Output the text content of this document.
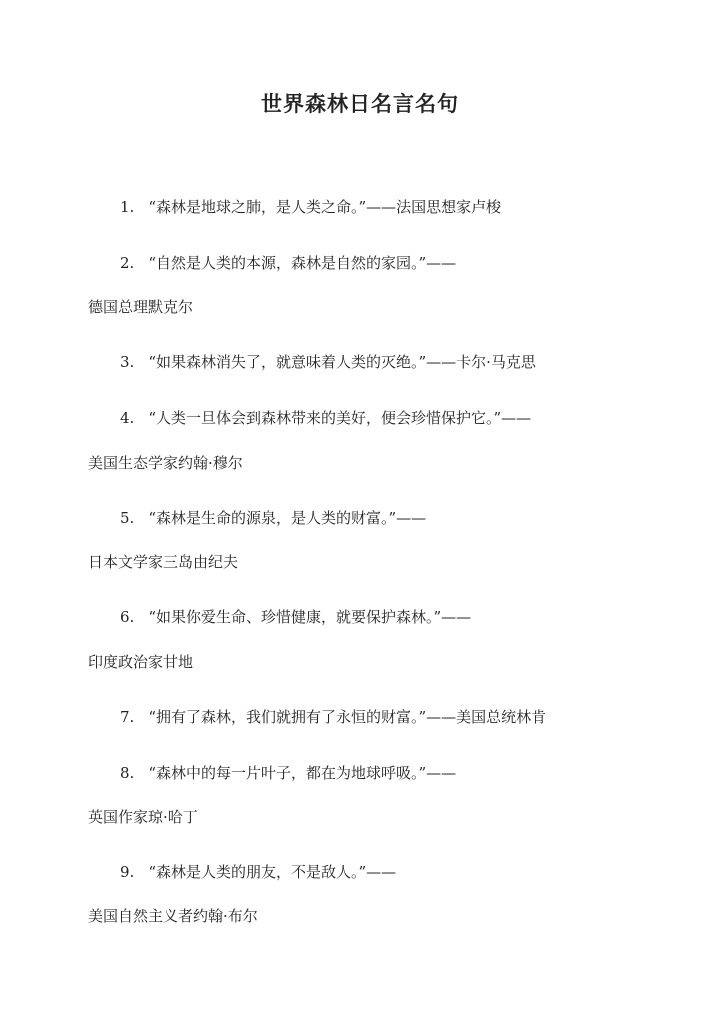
世界森林日名言名句
1. “森林是地球之肺，是人类之命。”——法国思想家卢梭
2. “自然是人类的本源，森林是自然的家园。”——
德国总理默克尔
3. “如果森林消失了，就意味着人类的灭绝。”——卡尔·马克思
4. “人类一旦体会到森林带来的美好，便会珍惜保护它。”——
美国生态学家约翰·穆尔
5. “森林是生命的源泉，是人类的财富。”——
日本文学家三岛由纪夫
6. “如果你爱生命、珍惜健康，就要保护森林。”——
印度政治家甘地
7. “拥有了森林，我们就拥有了永恒的财富。”——美国总统林肯
8. “森林中的每一片叶子，都在为地球呼吸。”——
英国作家琼·哈丁
9. “森林是人类的朋友，不是敌人。”——
美国自然主义者约翰·布尔
